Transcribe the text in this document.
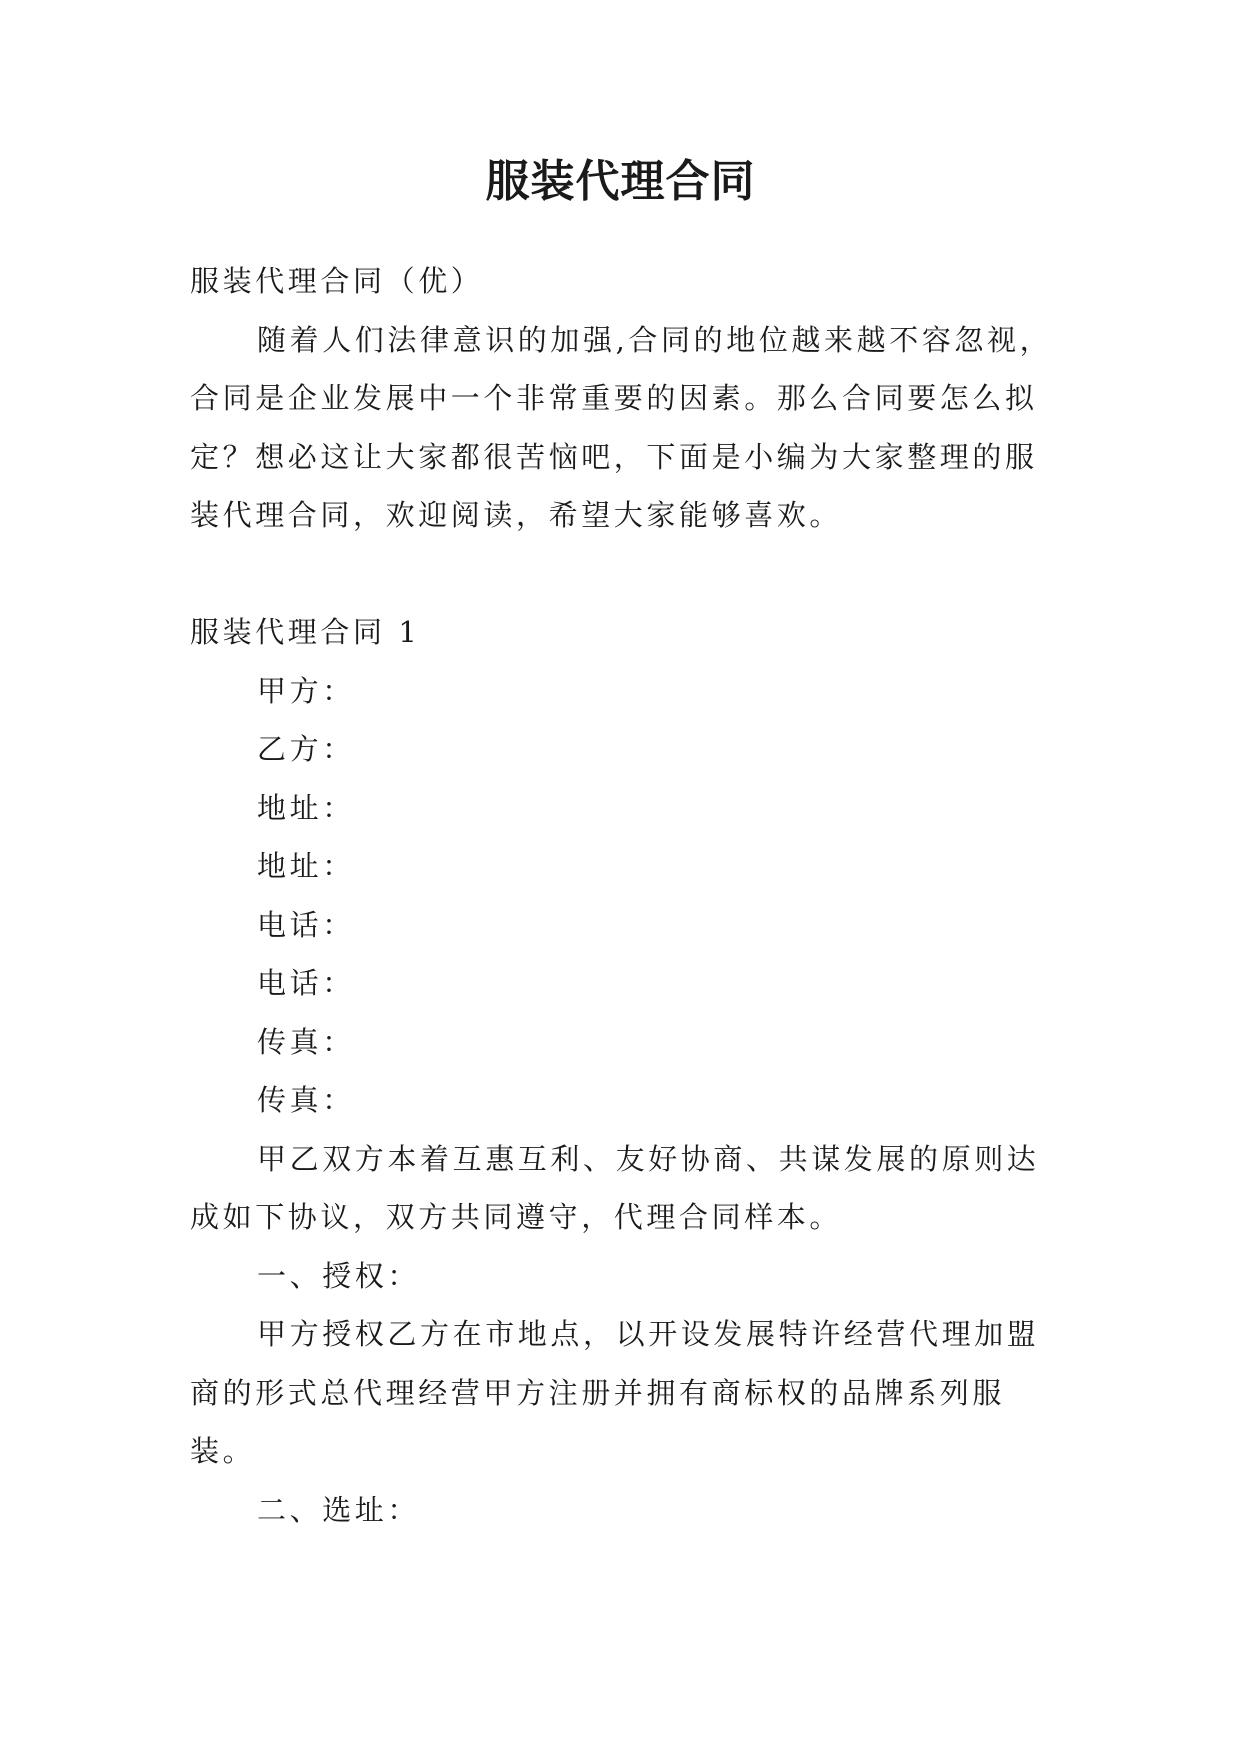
服装代理合同
服装代理合同（优）
随着人们法律意识的加强,合同的地位越来越不容忽视，
合同是企业发展中一个非常重要的因素。那么合同要怎么拟
定？想必这让大家都很苦恼吧，下面是小编为大家整理的服
装代理合同，欢迎阅读，希望大家能够喜欢。
服装代理合同 1
甲方：
乙方：
地址：
地址：
电话：
电话：
传真：
传真：
甲乙双方本着互惠互利、友好协商、共谋发展的原则达
成如下协议，双方共同遵守，代理合同样本。
一、授权：
甲方授权乙方在市地点，以开设发展特许经营代理加盟
商的形式总代理经营甲方注册并拥有商标权的品牌系列服
装。
二、选址：
